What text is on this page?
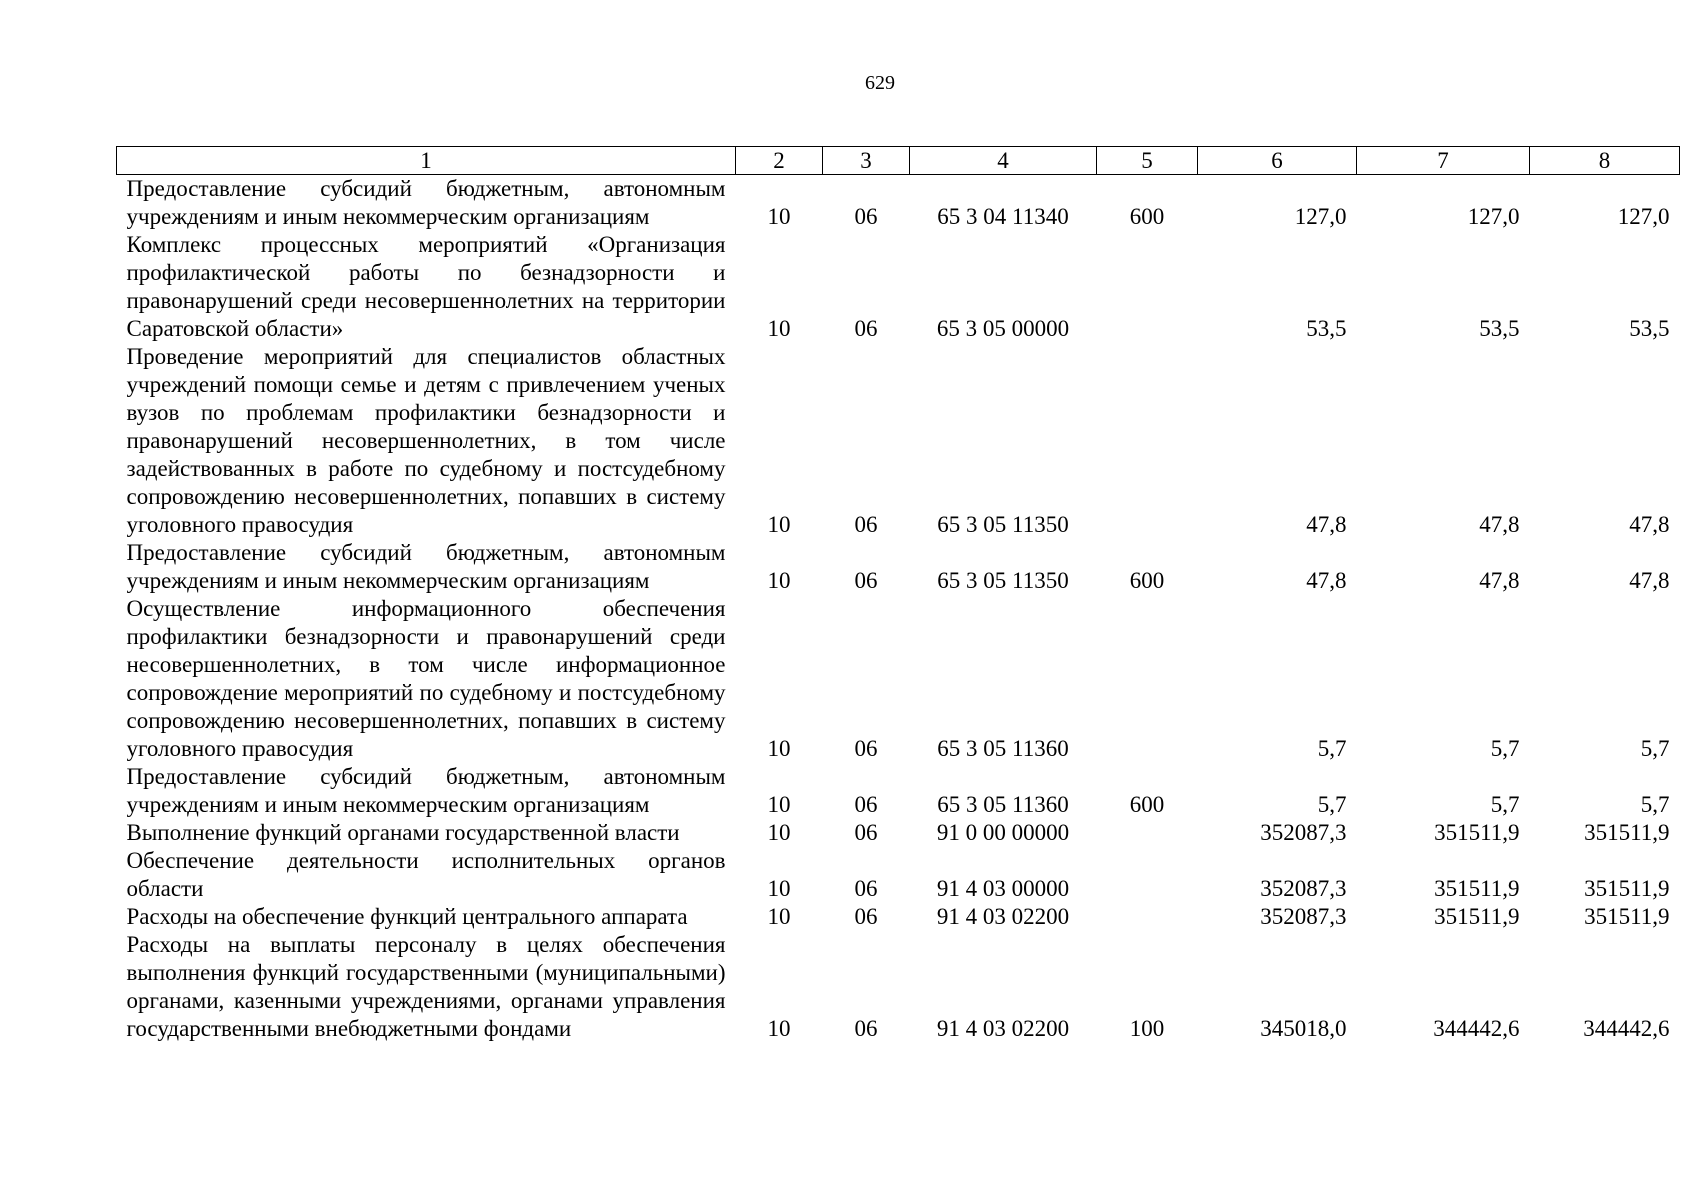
629
1	2	3	4	5	6	7	8
Предоставление субсидий бюджетным, автономным учреждениям и иным некоммерческим организациям	10	06	65 3 04 11340	600	127,0	127,0	127,0
Комплекс процессных мероприятий «Организация профилактической работы по безнадзорности и правонарушений среди несовершеннолетних на территории Саратовской области»	10	06	65 3 05 00000		53,5	53,5	53,5
Проведение мероприятий для специалистов областных учреждений помощи семье и детям с привлечением ученых вузов по проблемам профилактики безнадзорности и правонарушений несовершеннолетних, в том числе задействованных в работе по судебному и постсудебному сопровождению несовершеннолетних, попавших в систему уголовного правосудия	10	06	65 3 05 11350		47,8	47,8	47,8
Предоставление субсидий бюджетным, автономным учреждениям и иным некоммерческим организациям	10	06	65 3 05 11350	600	47,8	47,8	47,8
Осуществление информационного обеспечения профилактики безнадзорности и правонарушений среди несовершеннолетних, в том числе информационное сопровождение мероприятий по судебному и постсудебному сопровождению несовершеннолетних, попавших в систему уголовного правосудия	10	06	65 3 05 11360		5,7	5,7	5,7
Предоставление субсидий бюджетным, автономным учреждениям и иным некоммерческим организациям	10	06	65 3 05 11360	600	5,7	5,7	5,7
Выполнение функций органами государственной власти	10	06	91 0 00 00000		352087,3	351511,9	351511,9
Обеспечение деятельности исполнительных органов области	10	06	91 4 03 00000		352087,3	351511,9	351511,9
Расходы на обеспечение функций центрального аппарата	10	06	91 4 03 02200		352087,3	351511,9	351511,9
Расходы на выплаты персоналу в целях обеспечения выполнения функций государственными (муниципальными) органами, казенными учреждениями, органами управления государственными внебюджетными фондами	10	06	91 4 03 02200	100	345018,0	344442,6	344442,6
